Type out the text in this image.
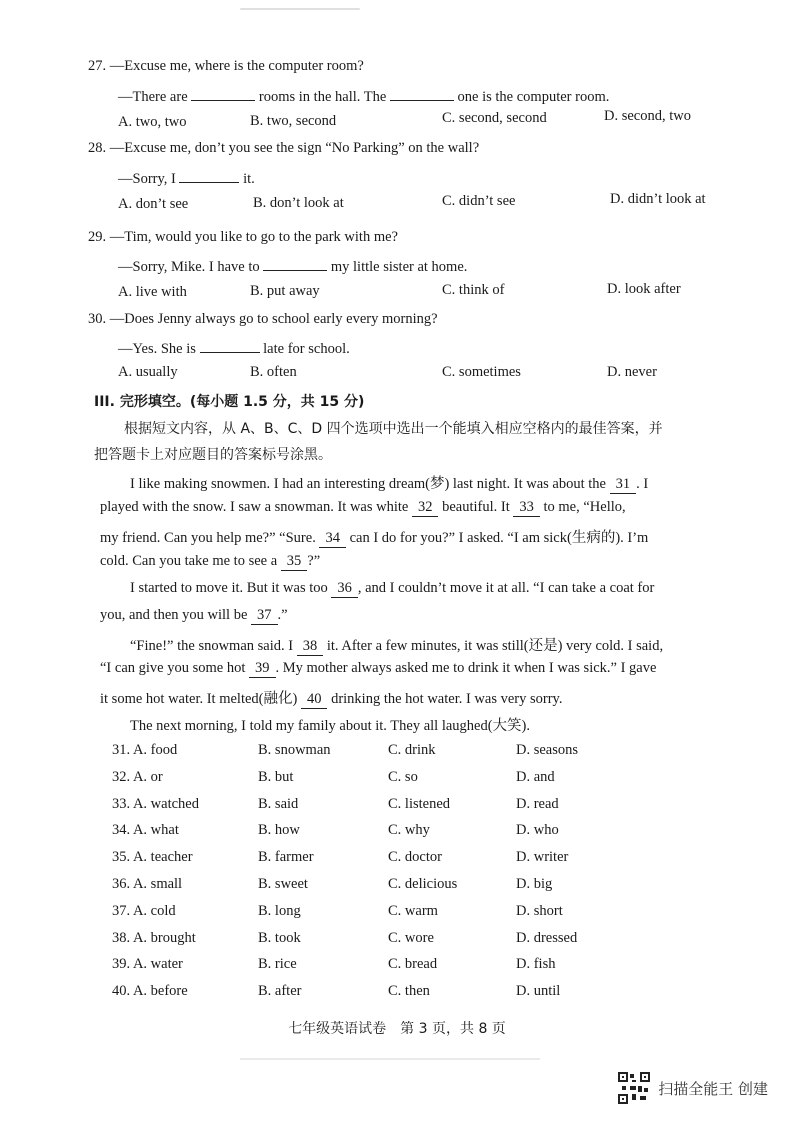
27. —Excuse me, where is the computer room?
—There are	rooms in the hall. The	one is the computer room.
A. two, two	B. two, second	C. second, second	D. second, two
28. —Excuse me, don’t you see the sign “No Parking” on the wall?
—Sorry, I	it.
A. don’t see	B. don’t look at	C. didn’t see	D. didn’t look at
29. —Tim, would you like to go to the park with me?
—Sorry, Mike. I have to	my little sister at home.
A. live with	B. put away	C. think of	D. look after
30. —Does Jenny always go to school early every morning?
—Yes. She is	late for school.
A. usually	B. often	C. sometimes	D. never
III. 完形填空。(每小题 1.5 分，共 15 分)
根据短文内容，从 A、B、C、D 四个选项中选出一个能填入相应空格内的最佳答案，并
把答题卡上对应题目的答案标号涂黑。
I like making snowmen. I had an interesting dream(梦) last night. It was about the 31 . I
played with the snow. I saw a snowman. It was white 32 beautiful. It 33 to me, “Hello,
my friend. Can you help me?” “Sure. 34 can I do for you?” I asked. “I am sick(生病的). I’m
cold. Can you take me to see a 35 ?”
I started to move it. But it was too 36 , and I couldn’t move it at all. “I can take a coat for
you, and then you will be 37 .”
“Fine!” the snowman said. I 38 it. After a few minutes, it was still(还是) very cold. I said,
“I can give you some hot 39 . My mother always asked me to drink it when I was sick.” I gave
it some hot water. It melted(融化) 40 drinking the hot water. I was very sorry.
The next morning, I told my family about it. They all laughed(大笑).
31. A. food	B. snowman	C. drink	D. seasons
32. A. or	B. but	C. so	D. and
33. A. watched	B. said	C. listened	D. read
34. A. what	B. how	C. why	D. who
35. A. teacher	B. farmer	C. doctor	D. writer
36. A. small	B. sweet	C. delicious	D. big
37. A. cold	B. long	C. warm	D. short
38. A. brought	B. took	C. wore	D. dressed
39. A. water	B. rice	C. bread	D. fish
40. A. before	B. after	C. then	D. until
七年级英语试卷　第 3 页，共 8 页
扫描全能王 创建
